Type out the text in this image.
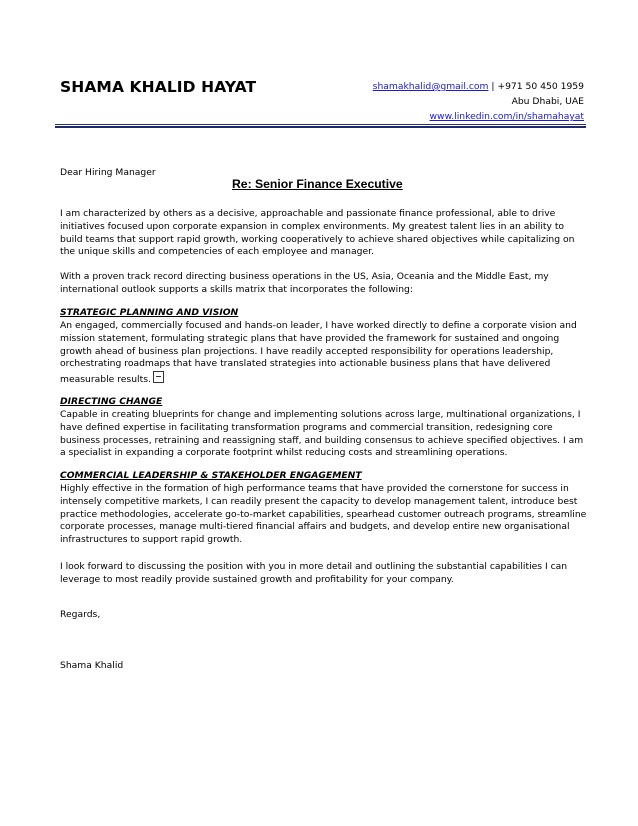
SHAMA KHALID HAYAT	shamakhalid@gmail.com | +971 50 450 1959
Abu Dhabi, UAE
www.linkedin.com/in/shamahayat
Dear Hiring Manager
Re: Senior Finance Executive
I am characterized by others as a decisive, approachable and passionate finance professional, able to drive
initiatives focused upon corporate expansion in complex environments. My greatest talent lies in an ability to
build teams that support rapid growth, working cooperatively to achieve shared objectives while capitalizing on
the unique skills and competencies of each employee and manager.
With a proven track record directing business operations in the US, Asia, Oceania and the Middle East, my
international outlook supports a skills matrix that incorporates the following:
STRATEGIC PLANNING AND VISION
An engaged, commercially focused and hands-on leader, I have worked directly to define a corporate vision and
mission statement, formulating strategic plans that have provided the framework for sustained and ongoing
growth ahead of business plan projections. I have readily accepted responsibility for operations leadership,
orchestrating roadmaps that have translated strategies into actionable business plans that have delivered
measurable results.
DIRECTING CHANGE
Capable in creating blueprints for change and implementing solutions across large, multinational organizations, I
have defined expertise in facilitating transformation programs and commercial transition, redesigning core
business processes, retraining and reassigning staff, and building consensus to achieve specified objectives. I am
a specialist in expanding a corporate footprint whilst reducing costs and streamlining operations.
COMMERCIAL LEADERSHIP & STAKEHOLDER ENGAGEMENT
Highly effective in the formation of high performance teams that have provided the cornerstone for success in
intensely competitive markets, I can readily present the capacity to develop management talent, introduce best
practice methodologies, accelerate go-to-market capabilities, spearhead customer outreach programs, streamline
corporate processes, manage multi-tiered financial affairs and budgets, and develop entire new organisational
infrastructures to support rapid growth.
I look forward to discussing the position with you in more detail and outlining the substantial capabilities I can
leverage to most readily provide sustained growth and profitability for your company.
Regards,
Shama Khalid
